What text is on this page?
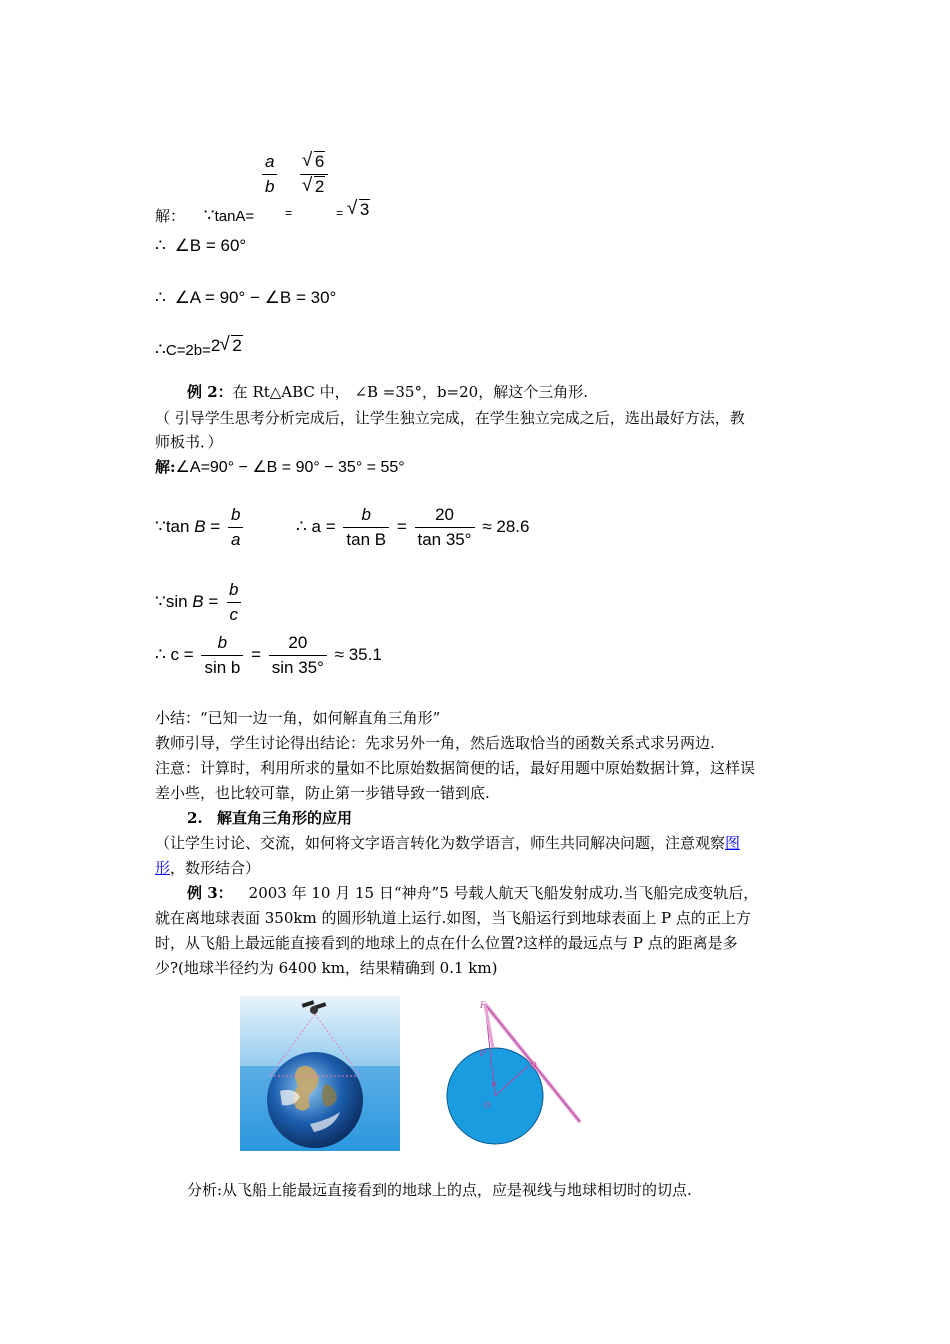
解： ∵tanA=
$\frac{a}{b}$
$_=$
√ 6
√ 2
$_=$ √ 3
∴ ∠B = 60°
∴ ∠A = 90° − ∠B = 30°
∴C=2b=2 √ 2
例 2：在 Rt△ABC 中， ∠B =35°，b=20，解这个三角形.
（ 引导学生思考分析完成后，让学生独立完成，在学生独立完成之后，选出最好方法，教
师板书．）
解:∠A=90° − ∠B = 90° − 35° = 55°
∵tan $B = \frac{b}{a}$	∴ $a = \frac{b}{\text{tan B}} = \frac{20}{\tan 35^\circ} \approx 28.6$
∵sin $B = \frac{b}{c}$
∴ $c = \frac{b}{\text{sin b}} = \frac{20}{\sin 35^\circ} \approx 35.1$
小结：“已知一边一角，如何解直角三角形”
教师引导，学生讨论得出结论：先求另外一角，然后选取恰当的函数关系式求另两边.
注意：计算时，利用所求的量如不比原始数据简便的话，最好用题中原始数据计算，这样误
差小些，也比较可靠，防止第一步错导致一错到底.
2. 解直角三角形的应用
（让学生讨论、交流，如何将文字语言转化为数学语言，师生共同解决问题，注意观察图
形，数形结合）
例 3： 2003 年 10 月 15 日“神舟”5 号载人航天飞船发射成功.当飞船完成变轨后，
就在离地球表面 350km 的圆形轨道上运行.如图，当飞船运行到地球表面上 P 点的正上方
时，从飞船上最远能直接看到的地球上的点在什么位置?这样的最远点与 P 点的距离是多
少?(地球半径约为 6400 km，结果精确到 0.1 km)
F
P
Q
α
O
分析:从飞船上能最远直接看到的地球上的点，应是视线与地球相切时的切点.
